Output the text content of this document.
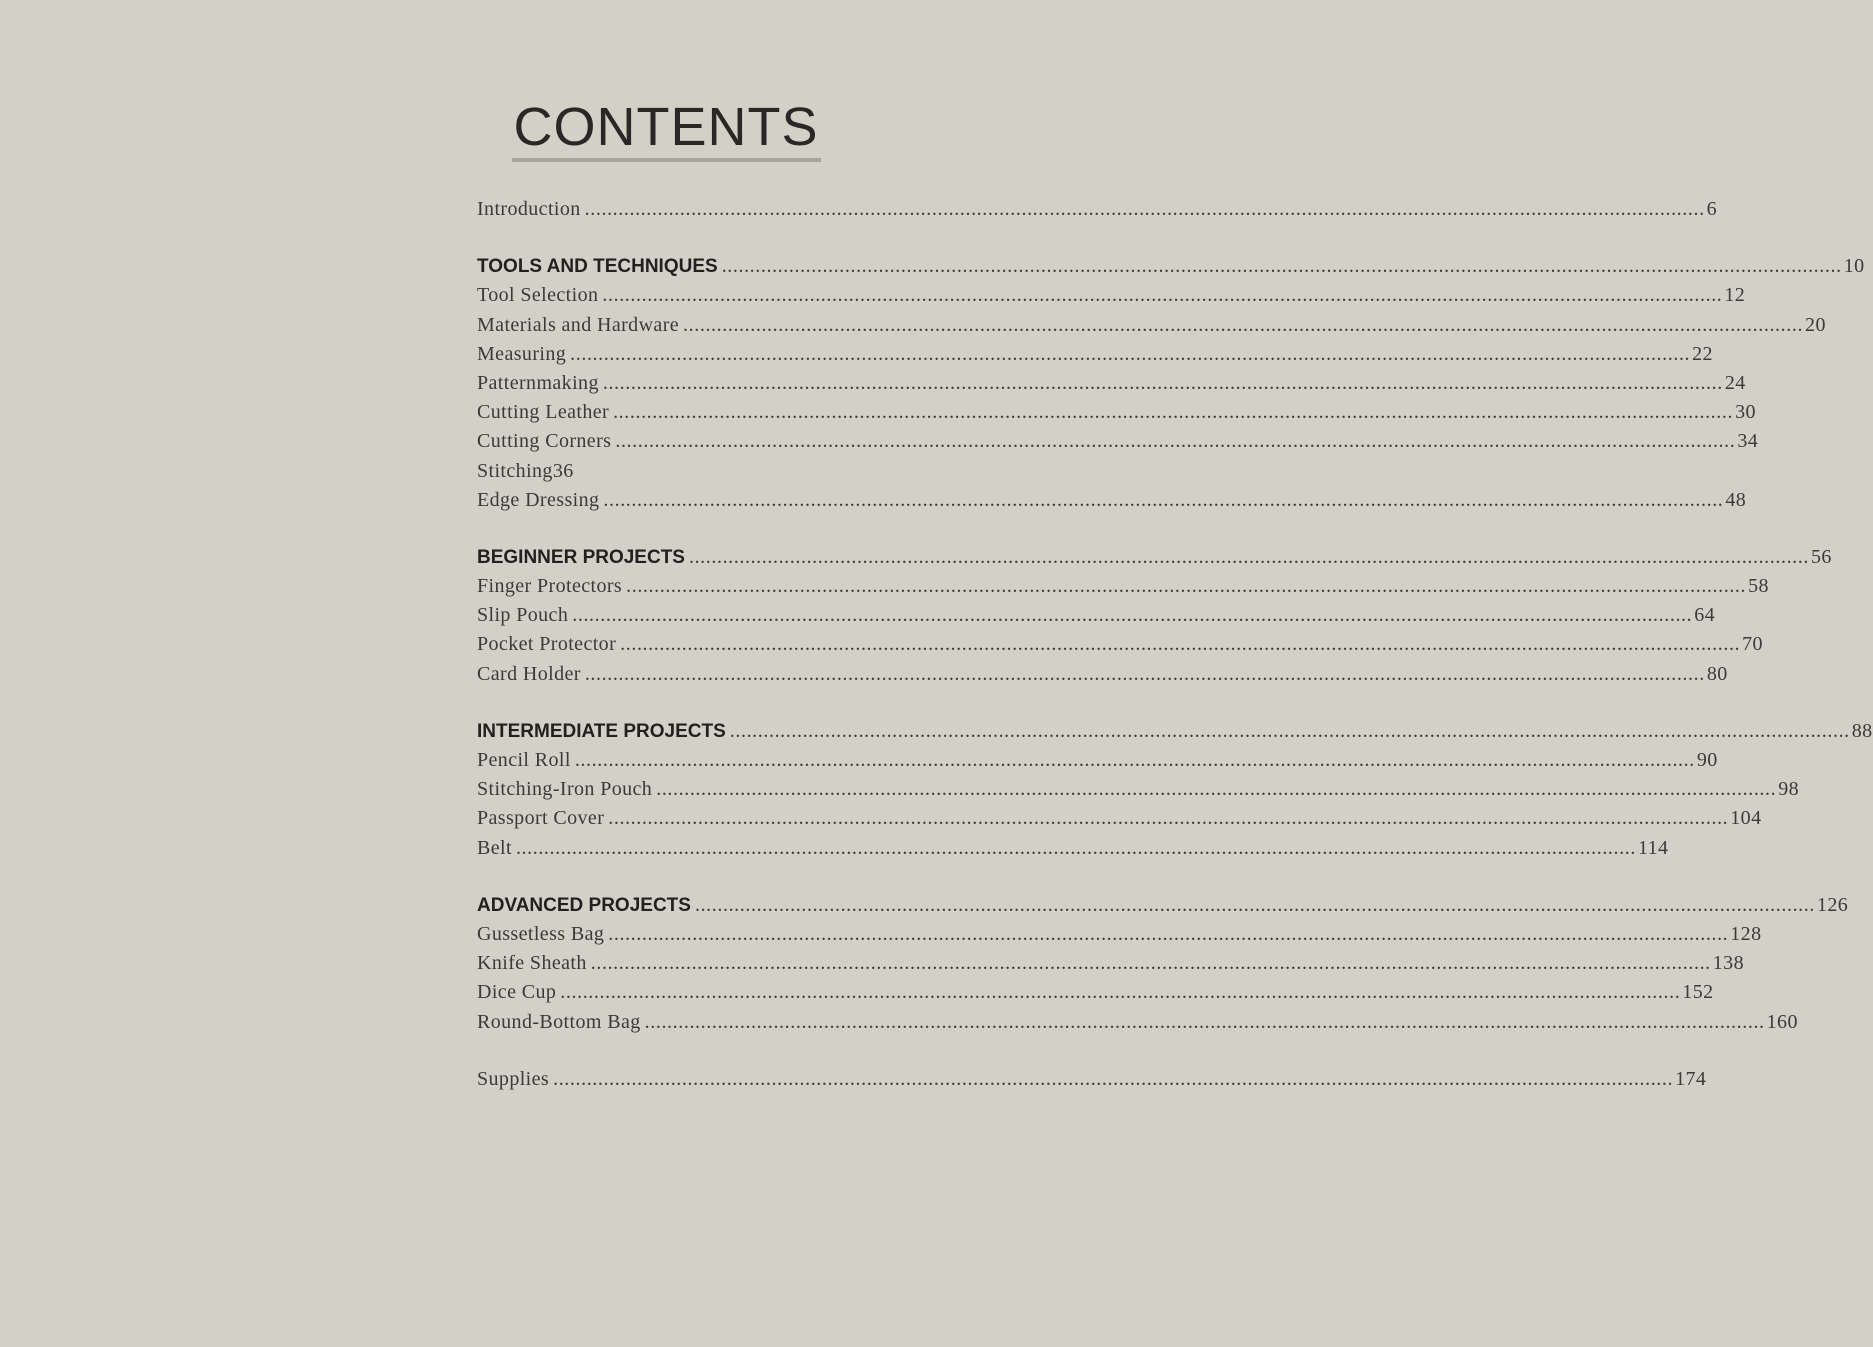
CONTENTS
Introduction ........................................................................................................................................................................................................ 6
TOOLS AND TECHNIQUES ........................................................................................................................................................................................................ 10
Tool Selection ........................................................................................................................................................................................................ 12
Materials and Hardware ........................................................................................................................................................................................................ 20
Measuring ........................................................................................................................................................................................................ 22
Patternmaking ........................................................................................................................................................................................................ 24
Cutting Leather ........................................................................................................................................................................................................ 30
Cutting Corners ........................................................................................................................................................................................................ 34
Stitching36
Edge Dressing ........................................................................................................................................................................................................ 48
BEGINNER PROJECTS ........................................................................................................................................................................................................ 56
Finger Protectors ........................................................................................................................................................................................................ 58
Slip Pouch ........................................................................................................................................................................................................ 64
Pocket Protector ........................................................................................................................................................................................................ 70
Card Holder ........................................................................................................................................................................................................ 80
INTERMEDIATE PROJECTS ........................................................................................................................................................................................................ 88
Pencil Roll ........................................................................................................................................................................................................ 90
Stitching-Iron Pouch ........................................................................................................................................................................................................ 98
Passport Cover ........................................................................................................................................................................................................ 104
Belt ........................................................................................................................................................................................................ 114
ADVANCED PROJECTS ........................................................................................................................................................................................................ 126
Gussetless Bag ........................................................................................................................................................................................................ 128
Knife Sheath ........................................................................................................................................................................................................ 138
Dice Cup ........................................................................................................................................................................................................ 152
Round-Bottom Bag ........................................................................................................................................................................................................ 160
Supplies ........................................................................................................................................................................................................ 174
